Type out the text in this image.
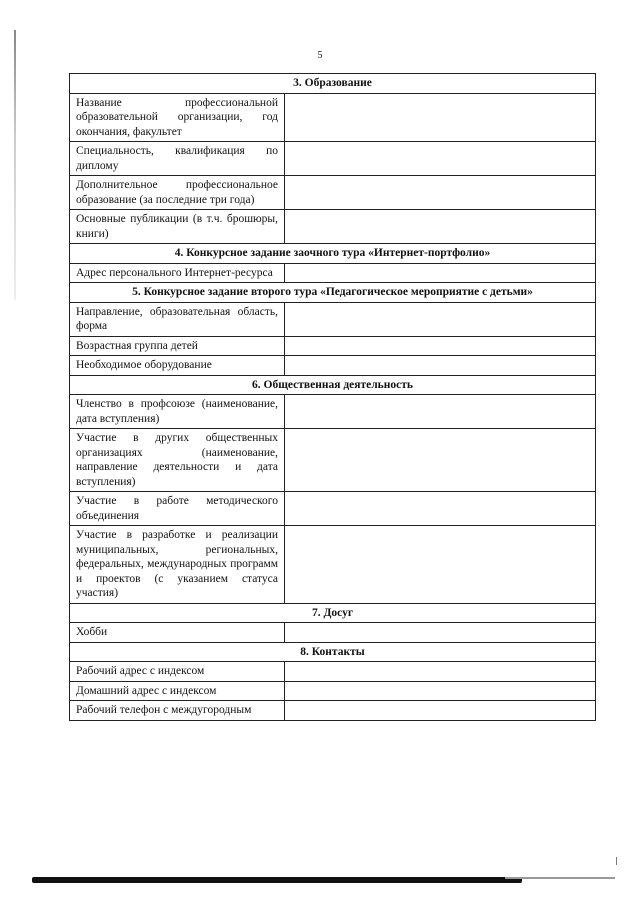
5
3. Образование	
Название профессиональной образовательной организации, год окончания, факультет	
Специальность, квалификация по диплому	
Дополнительное профессиональное образование (за последние три года)	
Основные публикации (в т.ч. брошюры, книги)	
4. Конкурсное задание заочного тура «Интернет-портфолио»	
Адрес персонального Интернет-ресурса	
5. Конкурсное задание второго тура «Педагогическое мероприятие с детьми»	
Направление, образовательная область, форма	
Возрастная группа детей	
Необходимое оборудование	
6. Общественная деятельность	
Членство в профсоюзе (наименование, дата вступления)	
Участие в других общественных организациях (наименование, направление деятельности и дата вступления)	
Участие в работе методического объединения	
Участие в разработке и реализации муниципальных, региональных, федеральных, международных программ и проектов (с указанием статуса участия)	
7. Досуг	
Хобби	
8. Контакты	
Рабочий адрес с индексом	
Домашний адрес с индексом	
Рабочий телефон с междугородным	
